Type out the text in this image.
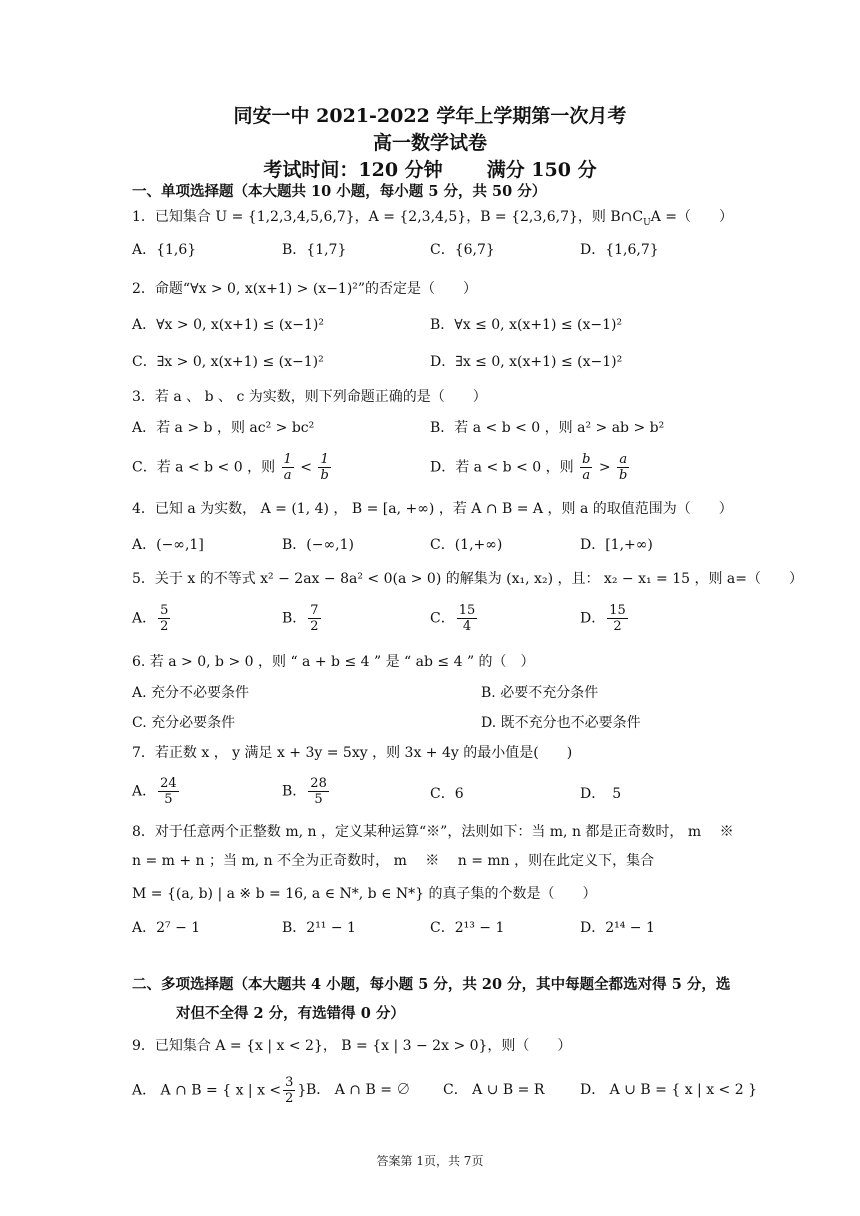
同安一中 2021-2022 学年上学期第一次月考
高一数学试卷
考试时间：120 分钟 满分 150 分
一、单项选择题（本大题共 10 小题，每小题 5 分，共 50 分）
1．已知集合 U = {1,2,3,4,5,6,7}，A = {2,3,4,5}，B = {2,3,6,7}，则 $B\cap C_UA$ =（　　）
A．{1,6}	B．{1,7}	C．{6,7}	D．{1,6,7}
2．命题“∀x > 0, x(x+1) > (x−1)²”的否定是（　　）
A．∀x > 0, x(x+1) ≤ (x−1)²	B．∀x ≤ 0, x(x+1) ≤ (x−1)²
C．∃x > 0, x(x+1) ≤ (x−1)²	D．∃x ≤ 0, x(x+1) ≤ (x−1)²
3．若 a 、 b 、 c 为实数，则下列命题正确的是（　　）
A．若 a > b ，则 ac² > bc²	B．若 a < b < 0 ，则 a² > ab > b²
C．若 a < b < 0 ，则 $\frac{1}{a} < \frac{1}{b}$	D．若 a < b < 0 ，则 $\frac{b}{a} > \frac{a}{b}$
4．已知 a 为实数， A = (1, 4) ， B = [a, +∞) ，若 A ∩ B = A ，则 a 的取值范围为（　　）
A．(−∞,1]	B．(−∞,1)	C．(1,+∞)	D．[1,+∞)
5．关于 x 的不等式 x² − 2ax − 8a² < 0(a > 0) 的解集为 (x₁, x₂) ，且： x₂ − x₁ = 15 ，则 a=（　　）
A． $\frac{5}{2}$	B． $\frac{7}{2}$	C． $\frac{15}{4}$	D． $\frac{15}{2}$
6. 若 a > 0, b > 0 ，则 “ a + b ≤ 4 ” 是 “ ab ≤ 4 ” 的（　）
A. 充分不必要条件	B. 必要不充分条件
C. 充分必要条件	D. 既不充分也不必要条件
7．若正数 x ， y 满足 x + 3y = 5xy ，则 3x + 4y 的最小值是(　　)
A． $\frac{24}{5}$	B． $\frac{28}{5}$	C．6	D．　5
8．对于任意两个正整数 m, n ，定义某种运算“※”，法则如下：当 m, n 都是正奇数时， m 　※
n = m + n ；当 m, n 不全为正奇数时， m 　※　 n = mn ，则在此定义下，集合
M = {(a, b) | a ※ b = 16, a ∈ N*, b ∈ N*} 的真子集的个数是（　　）
A．2⁷ − 1	B．2¹¹ − 1	C．2¹³ − 1	D．2¹⁴ − 1
二、多项选择题（本大题共 4 小题，每小题 5 分，共 20 分，其中每题全都选对得 5 分，选
对但不全得 2 分，有选错得 0 分）
9．已知集合 A = {x | x < 2}， B = {x | 3 − 2x > 0}，则（　　）
A． A ∩ B = { x | $x < \frac{3}{2}$ } B． A ∩ B = ∅ C． A ∪ B = R	D． A ∪ B = { x | x < 2 }
答案第 1页，共 7页
